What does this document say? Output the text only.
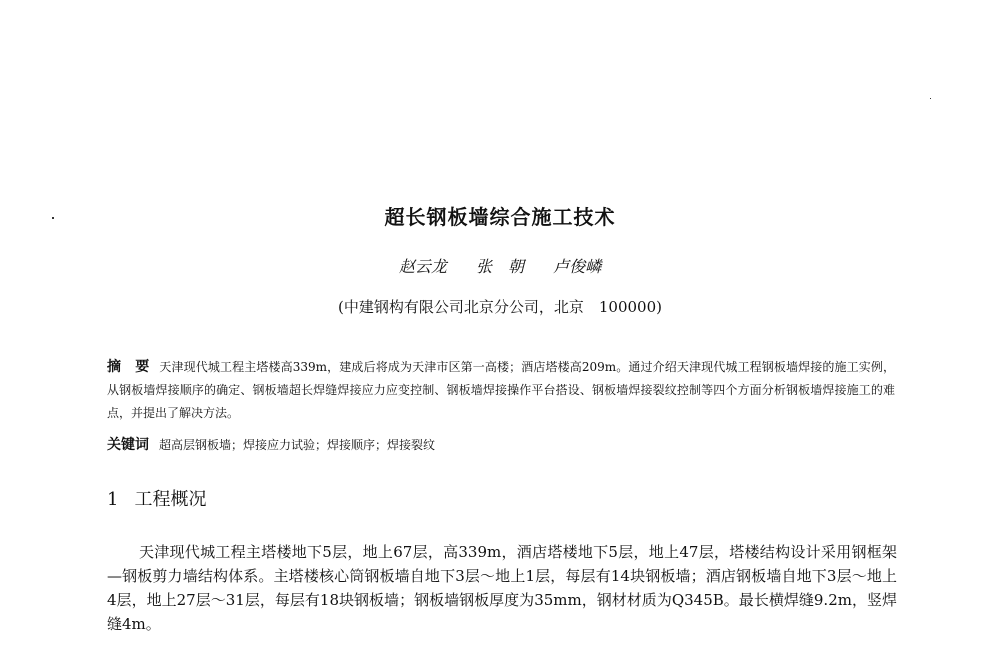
超长钢板墙综合施工技术
赵云龙 张　朝 卢俊嶙
(中建钢构有限公司北京分公司，北京　100000)
摘　要 天津现代城工程主塔楼高339m，建成后将成为天津市区第一高楼；酒店塔楼高209m。通过介绍天津现代城工程钢板墙焊接的施工实例，从钢板墙焊接顺序的确定、钢板墙超长焊缝焊接应力应变控制、钢板墙焊接操作平台搭设、钢板墙焊接裂纹控制等四个方面分析钢板墙焊接施工的难点，并提出了解决方法。
关键词 超高层钢板墙；焊接应力试验；焊接顺序；焊接裂纹
1 工程概况
天津现代城工程主塔楼地下5层，地上67层，高339m，酒店塔楼地下5层，地上47层，塔楼结构设计采用钢框架—钢板剪力墙结构体系。主塔楼核心筒钢板墙自地下3层～地上1层，每层有14块钢板墙；酒店钢板墙自地下3层～地上4层，地上27层～31层，每层有18块钢板墙；钢板墙钢板厚度为35mm，钢材材质为Q345B。最长横焊缝9.2m，竖焊缝4m。
